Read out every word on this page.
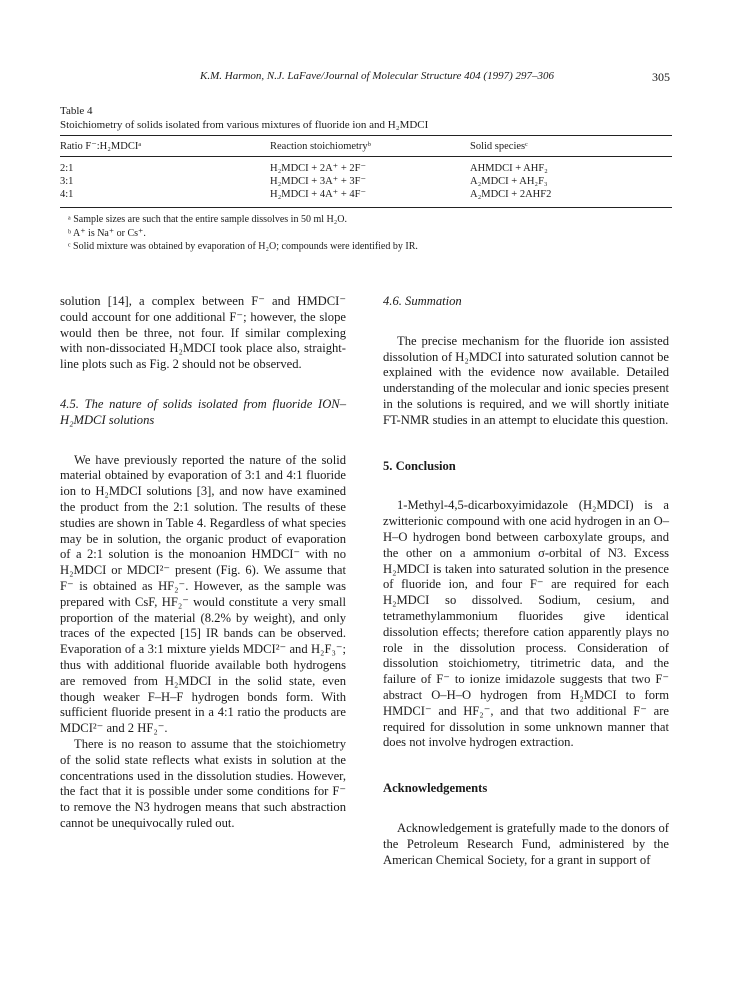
K.M. Harmon, N.J. LaFave/Journal of Molecular Structure 404 (1997) 297–306	305
Table 4
Stoichiometry of solids isolated from various mixtures of fluoride ion and H₂MDCI
Ratio F⁻:H₂MDCIᵃ	Reaction stoichiometryᵇ	Solid speciesᶜ
2:1	H₂MDCI + 2A⁺ + 2F⁻	AHMDCI + AHF₂
3:1	H₂MDCI + 3A⁺ + 3F⁻	A₂MDCI + AH₂F₃
4:1	H₂MDCI + 4A⁺ + 4F⁻	A₂MDCI + 2AHF2

ᵃ Sample sizes are such that the entire sample dissolves in 50 ml H₂O.

ᵇ A⁺ is Na⁺ or Cs⁺.

ᶜ Solid mixture was obtained by evaporation of H₂O; compounds were identified by IR.

solution [14], a complex between F⁻ and HMDCI⁻ could account for one additional F⁻; however, the slope would then be three, not four. If similar complexing with non-dissociated H₂MDCI took place also, straight-line plots such as Fig. 2 should not be observed.

4.5. The nature of solids isolated from fluoride ION–H₂MDCI solutions

We have previously reported the nature of the solid material obtained by evaporation of 3:1 and 4:1 fluoride ion to H₂MDCI solutions [3], and now have examined the product from the 2:1 solution. The results of these studies are shown in Table 4. Regardless of what species may be in solution, the organic product of evaporation of a 2:1 solution is the monoanion HMDCI⁻ with no H₂MDCI or MDCI²⁻ present (Fig. 6). We assume that F⁻ is obtained as HF₂⁻. However, as the sample was prepared with CsF, HF₂⁻ would constitute a very small proportion of the material (8.2% by weight), and only traces of the expected [15] IR bands can be observed. Evaporation of a 3:1 mixture yields MDCI²⁻ and H₂F₃⁻; thus with additional fluoride available both hydrogens are removed from H₂MDCI in the solid state, even though weaker F–H–F hydrogen bonds form. With sufficient fluoride present in a 4:1 ratio the products are MDCI²⁻ and 2 HF₂⁻.

There is no reason to assume that the stoichiometry of the solid state reflects what exists in solution at the concentrations used in the dissolution studies. However, the fact that it is possible under some conditions for F⁻ to remove the N3 hydrogen means that such abstraction cannot be unequivocally ruled out.

4.6. Summation

The precise mechanism for the fluoride ion assisted dissolution of H₂MDCI into saturated solution cannot be explained with the evidence now available. Detailed understanding of the molecular and ionic species present in the solutions is required, and we will shortly initiate FT-NMR studies in an attempt to elucidate this question.

5. Conclusion

1-Methyl-4,5-dicarboxyimidazole (H₂MDCI) is a zwitterionic compound with one acid hydrogen in an O–H–O hydrogen bond between carboxylate groups, and the other on a ammonium σ-orbital of N3. Excess H₂MDCI is taken into saturated solution in the presence of fluoride ion, and four F⁻ are required for each H₂MDCI so dissolved. Sodium, cesium, and tetramethylammonium fluorides give identical dissolution effects; therefore cation apparently plays no role in the dissolution process. Consideration of dissolution stoichiometry, titrimetric data, and the failure of F⁻ to ionize imidazole suggests that two F⁻ abstract O–H–O hydrogen from H₂MDCI to form HMDCI⁻ and HF₂⁻, and that two additional F⁻ are required for dissolution in some unknown manner that does not involve hydrogen extraction.

Acknowledgements

Acknowledgement is gratefully made to the donors of the Petroleum Research Fund, administered by the American Chemical Society, for a grant in support of
